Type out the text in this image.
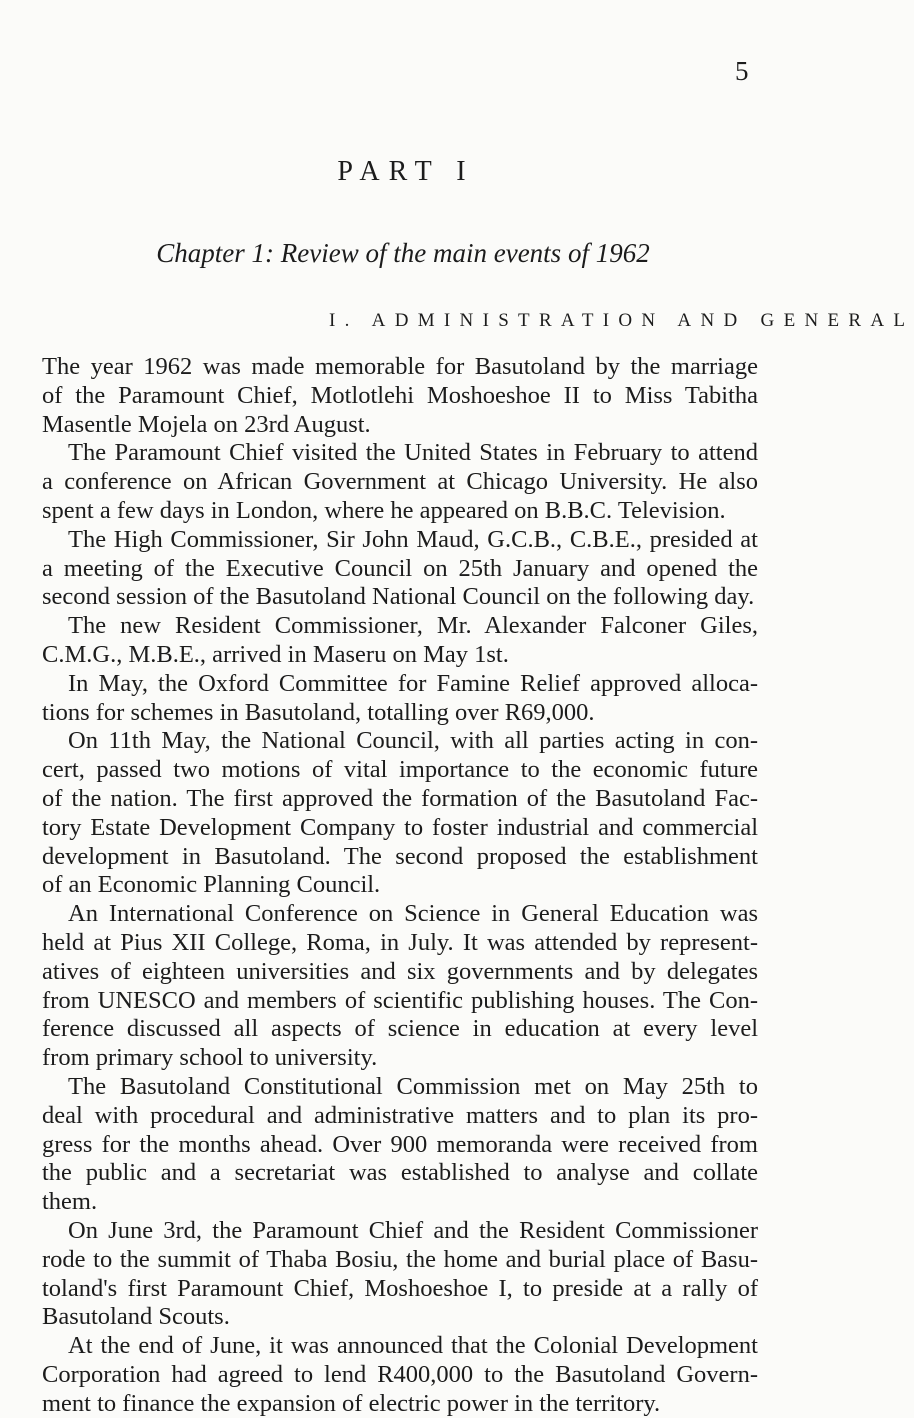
5
PART I
Chapter 1: Review of the main events of 1962
I. ADMINISTRATION AND GENERAL
The year 1962 was made memorable for Basutoland by the marriage
of the Paramount Chief, Motlotlehi Moshoeshoe II to Miss Tabitha
Masentle Mojela on 23rd August.
The Paramount Chief visited the United States in February to attend
a conference on African Government at Chicago University. He also
spent a few days in London, where he appeared on B.B.C. Television.
The High Commissioner, Sir John Maud, G.C.B., C.B.E., presided at
a meeting of the Executive Council on 25th January and opened the
second session of the Basutoland National Council on the following day.
The new Resident Commissioner, Mr. Alexander Falconer Giles,
C.M.G., M.B.E., arrived in Maseru on May 1st.
In May, the Oxford Committee for Famine Relief approved alloca-
tions for schemes in Basutoland, totalling over R69,000.
On 11th May, the National Council, with all parties acting in con-
cert, passed two motions of vital importance to the economic future
of the nation. The first approved the formation of the Basutoland Fac-
tory Estate Development Company to foster industrial and commercial
development in Basutoland. The second proposed the establishment
of an Economic Planning Council.
An International Conference on Science in General Education was
held at Pius XII College, Roma, in July. It was attended by represent-
atives of eighteen universities and six governments and by delegates
from UNESCO and members of scientific publishing houses. The Con-
ference discussed all aspects of science in education at every level
from primary school to university.
The Basutoland Constitutional Commission met on May 25th to
deal with procedural and administrative matters and to plan its pro-
gress for the months ahead. Over 900 memoranda were received from
the public and a secretariat was established to analyse and collate
them.
On June 3rd, the Paramount Chief and the Resident Commissioner
rode to the summit of Thaba Bosiu, the home and burial place of Basu-
toland's first Paramount Chief, Moshoeshoe I, to preside at a rally of
Basutoland Scouts.
At the end of June, it was announced that the Colonial Development
Corporation had agreed to lend R400,000 to the Basutoland Govern-
ment to finance the expansion of electric power in the territory.
